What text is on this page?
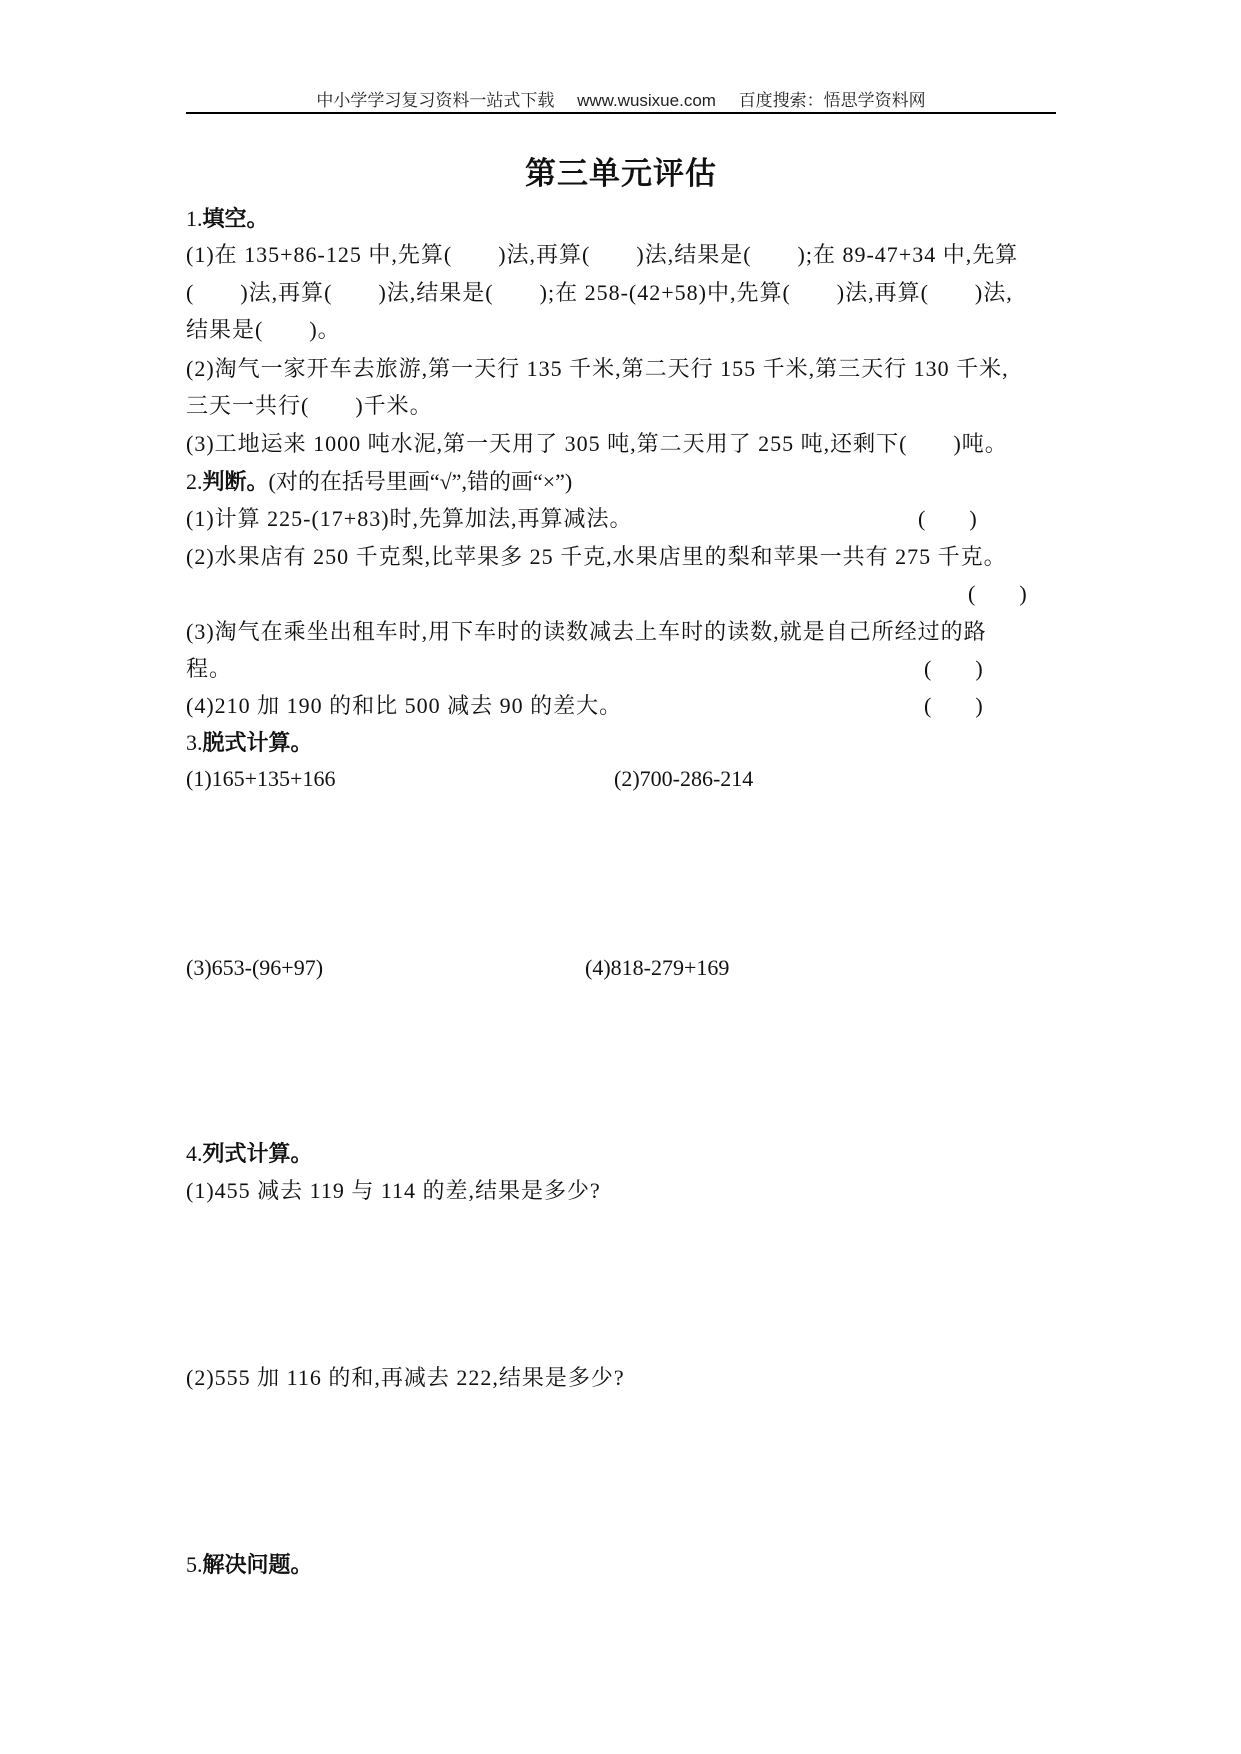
中小学学习复习资料一站式下载 www.wusixue.com 百度搜索：悟思学资料网
第三单元评估
1.填空。
(1)在 135+86-125 中,先算(　　)法,再算(　　)法,结果是(　　);在 89-47+34 中,先算
(　　)法,再算(　　)法,结果是(　　);在 258-(42+58)中,先算(　　)法,再算(　　)法,
结果是(　　)。
(2)淘气一家开车去旅游,第一天行 135 千米,第二天行 155 千米,第三天行 130 千米,
三天一共行(　　)千米。
(3)工地运来 1000 吨水泥,第一天用了 305 吨,第二天用了 255 吨,还剩下(　　)吨。
2.判断。(对的在括号里画“√”,错的画“×”)
(1)计算 225-(17+83)时,先算加法,再算减法。	(　　)
(2)水果店有 250 千克梨,比苹果多 25 千克,水果店里的梨和苹果一共有 275 千克。
(　　)
(3)淘气在乘坐出租车时,用下车时的读数减去上车时的读数,就是自己所经过的路
程。	(　　)
(4)210 加 190 的和比 500 减去 90 的差大。	(　　)
3.脱式计算。
(1)165+135+166	(2)700-286-214
(3)653-(96+97)	(4)818-279+169
4.列式计算。
(1)455 减去 119 与 114 的差,结果是多少?
(2)555 加 116 的和,再减去 222,结果是多少?
5.解决问题。
